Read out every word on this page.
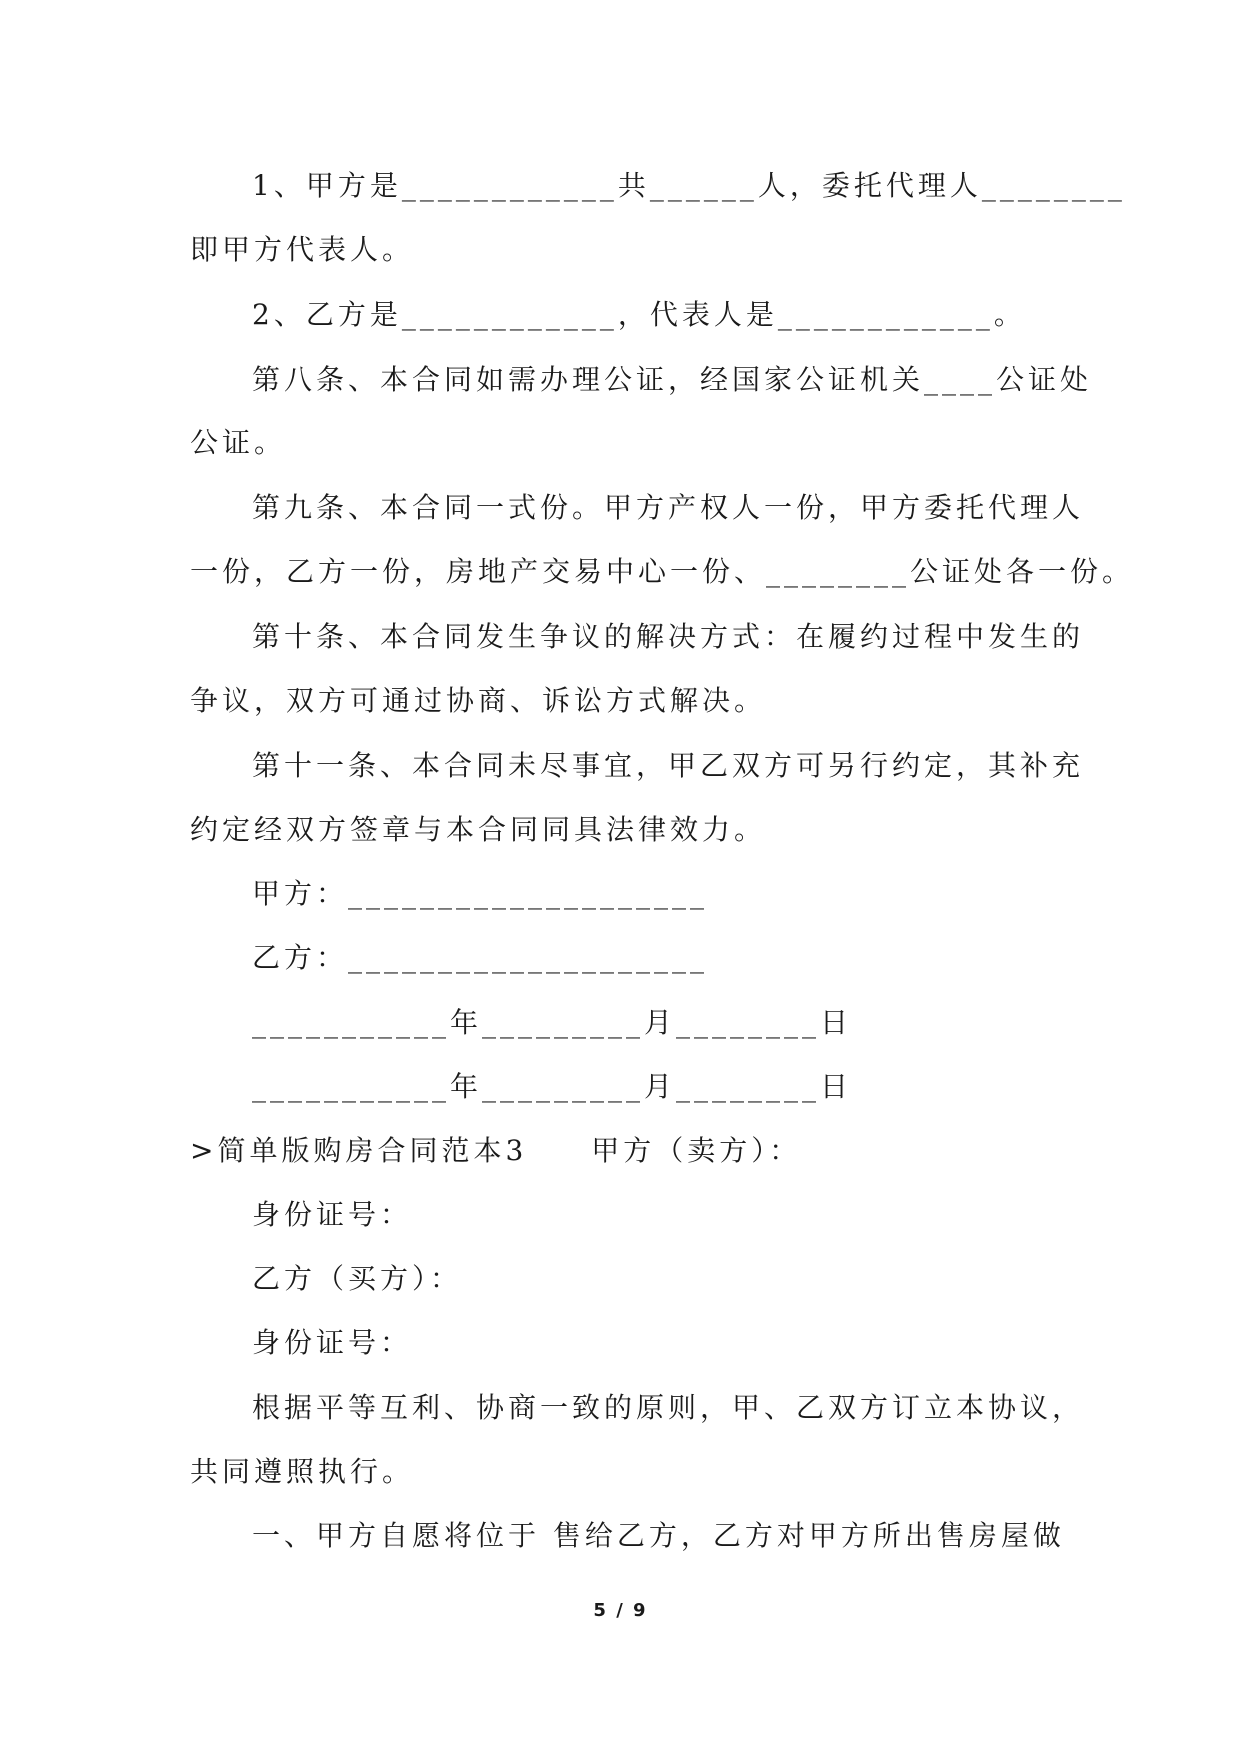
1、甲方是____________共______人，委托代理人________
即甲方代表人。
2、乙方是____________，代表人是____________。
第八条、本合同如需办理公证，经国家公证机关____公证处
公证。
第九条、本合同一式份。甲方产权人一份，甲方委托代理人
一份，乙方一份，房地产交易中心一份、________公证处各一份。
第十条、本合同发生争议的解决方式：在履约过程中发生的
争议，双方可通过协商、诉讼方式解决。
第十一条、本合同未尽事宜，甲乙双方可另行约定，其补充
约定经双方签章与本合同同具法律效力。
甲方：____________________
乙方：____________________
___________年_________月________日
___________年_________月________日
>简单版购房合同范本3　　甲方（卖方）：
身份证号：
乙方（买方）：
身份证号：
根据平等互利、协商一致的原则，甲、乙双方订立本协议，
共同遵照执行。
一、甲方自愿将位于 售给乙方，乙方对甲方所出售房屋做
5 / 9
